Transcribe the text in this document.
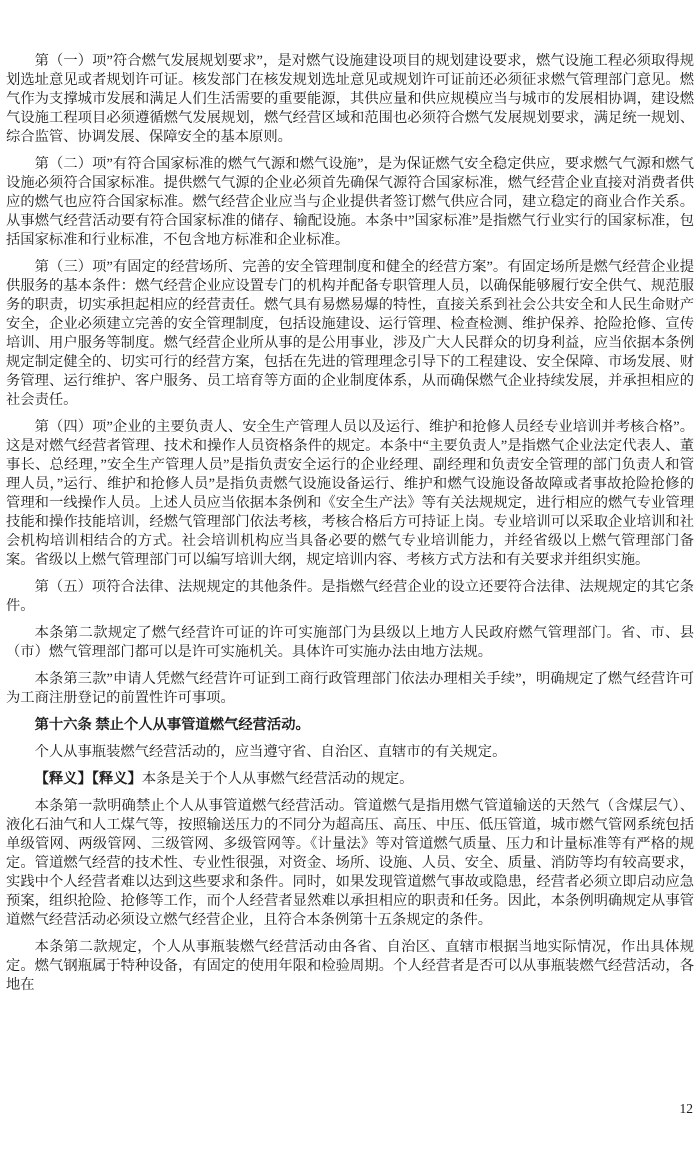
第（一）项”符合燃气发展规划要求”，是对燃气设施建设项目的规划建设要求，燃气设施工程必须取得规划选址意见或者规划许可证。核发部门在核发规划选址意见或规划许可证前还必须征求燃气管理部门意见。燃气作为支撑城市发展和满足人们生活需要的重要能源，其供应量和供应规模应当与城市的发展相协调，建设燃气设施工程项目必须遵循燃气发展规划，燃气经营区域和范围也必须符合燃气发展规划要求，满足统一规划、综合监管、协调发展、保障安全的基本原则。

第（二）项”有符合国家标准的燃气气源和燃气设施”，是为保证燃气安全稳定供应，要求燃气气源和燃气设施必须符合国家标准。提供燃气气源的企业必须首先确保气源符合国家标准，燃气经营企业直接对消费者供应的燃气也应符合国家标准。燃气经营企业应当与企业提供者签订燃气供应合同，建立稳定的商业合作关系。从事燃气经营活动要有符合国家标准的储存、输配设施。本条中”国家标准”是指燃气行业实行的国家标准，包括国家标准和行业标准，不包含地方标准和企业标准。

第（三）项”有固定的经营场所、完善的安全管理制度和健全的经营方案”。有固定场所是燃气经营企业提供服务的基本条件：燃气经营企业应设置专门的机构并配备专职管理人员，以确保能够履行安全供气、规范服务的职责，切实承担起相应的经营责任。燃气具有易燃易爆的特性，直接关系到社会公共安全和人民生命财产安全，企业必须建立完善的安全管理制度，包括设施建设、运行管理、检查检测、维护保养、抢险抢修、宣传培训、用户服务等制度。燃气经营企业所从事的是公用事业，涉及广大人民群众的切身利益，应当依据本条例规定制定健全的、切实可行的经营方案，包括在先进的管理理念引导下的工程建设、安全保障、市场发展、财务管理、运行维护、客户服务、员工培育等方面的企业制度体系，从而确保燃气企业持续发展，并承担相应的社会责任。

第（四）项”企业的主要负责人、安全生产管理人员以及运行、维护和抢修人员经专业培训并考核合格”。这是对燃气经营者管理、技术和操作人员资格条件的规定。本条中“主要负责人”是指燃气企业法定代表人、董事长、总经理，”安全生产管理人员”是指负责安全运行的企业经理、副经理和负责安全管理的部门负责人和管理人员，”运行、维护和抢修人员”是指负责燃气设施设备运行、维护和燃气设施设备故障或者事故抢险抢修的管理和一线操作人员。上述人员应当依据本条例和《安全生产法》等有关法规规定，进行相应的燃气专业管理技能和操作技能培训，经燃气管理部门依法考核，考核合格后方可持证上岗。专业培训可以采取企业培训和社会机构培训相结合的方式。社会培训机构应当具备必要的燃气专业培训能力，并经省级以上燃气管理部门备案。省级以上燃气管理部门可以编写培训大纲，规定培训内容、考核方式方法和有关要求并组织实施。

第（五）项符合法律、法规规定的其他条件。是指燃气经营企业的设立还要符合法律、法规规定的其它条件。

本条第二款规定了燃气经营许可证的许可实施部门为县级以上地方人民政府燃气管理部门。省、市、县（市）燃气管理部门都可以是许可实施机关。具体许可实施办法由地方法规。

本条第三款”申请人凭燃气经营许可证到工商行政管理部门依法办理相关手续”，明确规定了燃气经营许可为工商注册登记的前置性许可事项。

第十六条 禁止个人从事管道燃气经营活动。

个人从事瓶装燃气经营活动的，应当遵守省、自治区、直辖市的有关规定。

【释义】【释义】本条是关于个人从事燃气经营活动的规定。

本条第一款明确禁止个人从事管道燃气经营活动。管道燃气是指用燃气管道输送的天然气（含煤层气）、液化石油气和人工煤气等，按照输送压力的不同分为超高压、高压、中压、低压管道，城市燃气管网系统包括单级管网、两级管网、三级管网、多级管网等。《计量法》等对管道燃气质量、压力和计量标准等有严格的规定。管道燃气经营的技术性、专业性很强，对资金、场所、设施、人员、安全、质量、消防等均有较高要求，实践中个人经营者难以达到这些要求和条件。同时，如果发现管道燃气事故或隐患，经营者必须立即启动应急预案，组织抢险、抢修等工作，而个人经营者显然难以承担相应的职责和任务。因此，本条例明确规定从事管道燃气经营活动必须设立燃气经营企业，且符合本条例第十五条规定的条件。

本条第二款规定，个人从事瓶装燃气经营活动由各省、自治区、直辖市根据当地实际情况，作出具体规定。燃气钢瓶属于特种设备，有固定的使用年限和检验周期。个人经营者是否可以从事瓶装燃气经营活动，各地在

12
